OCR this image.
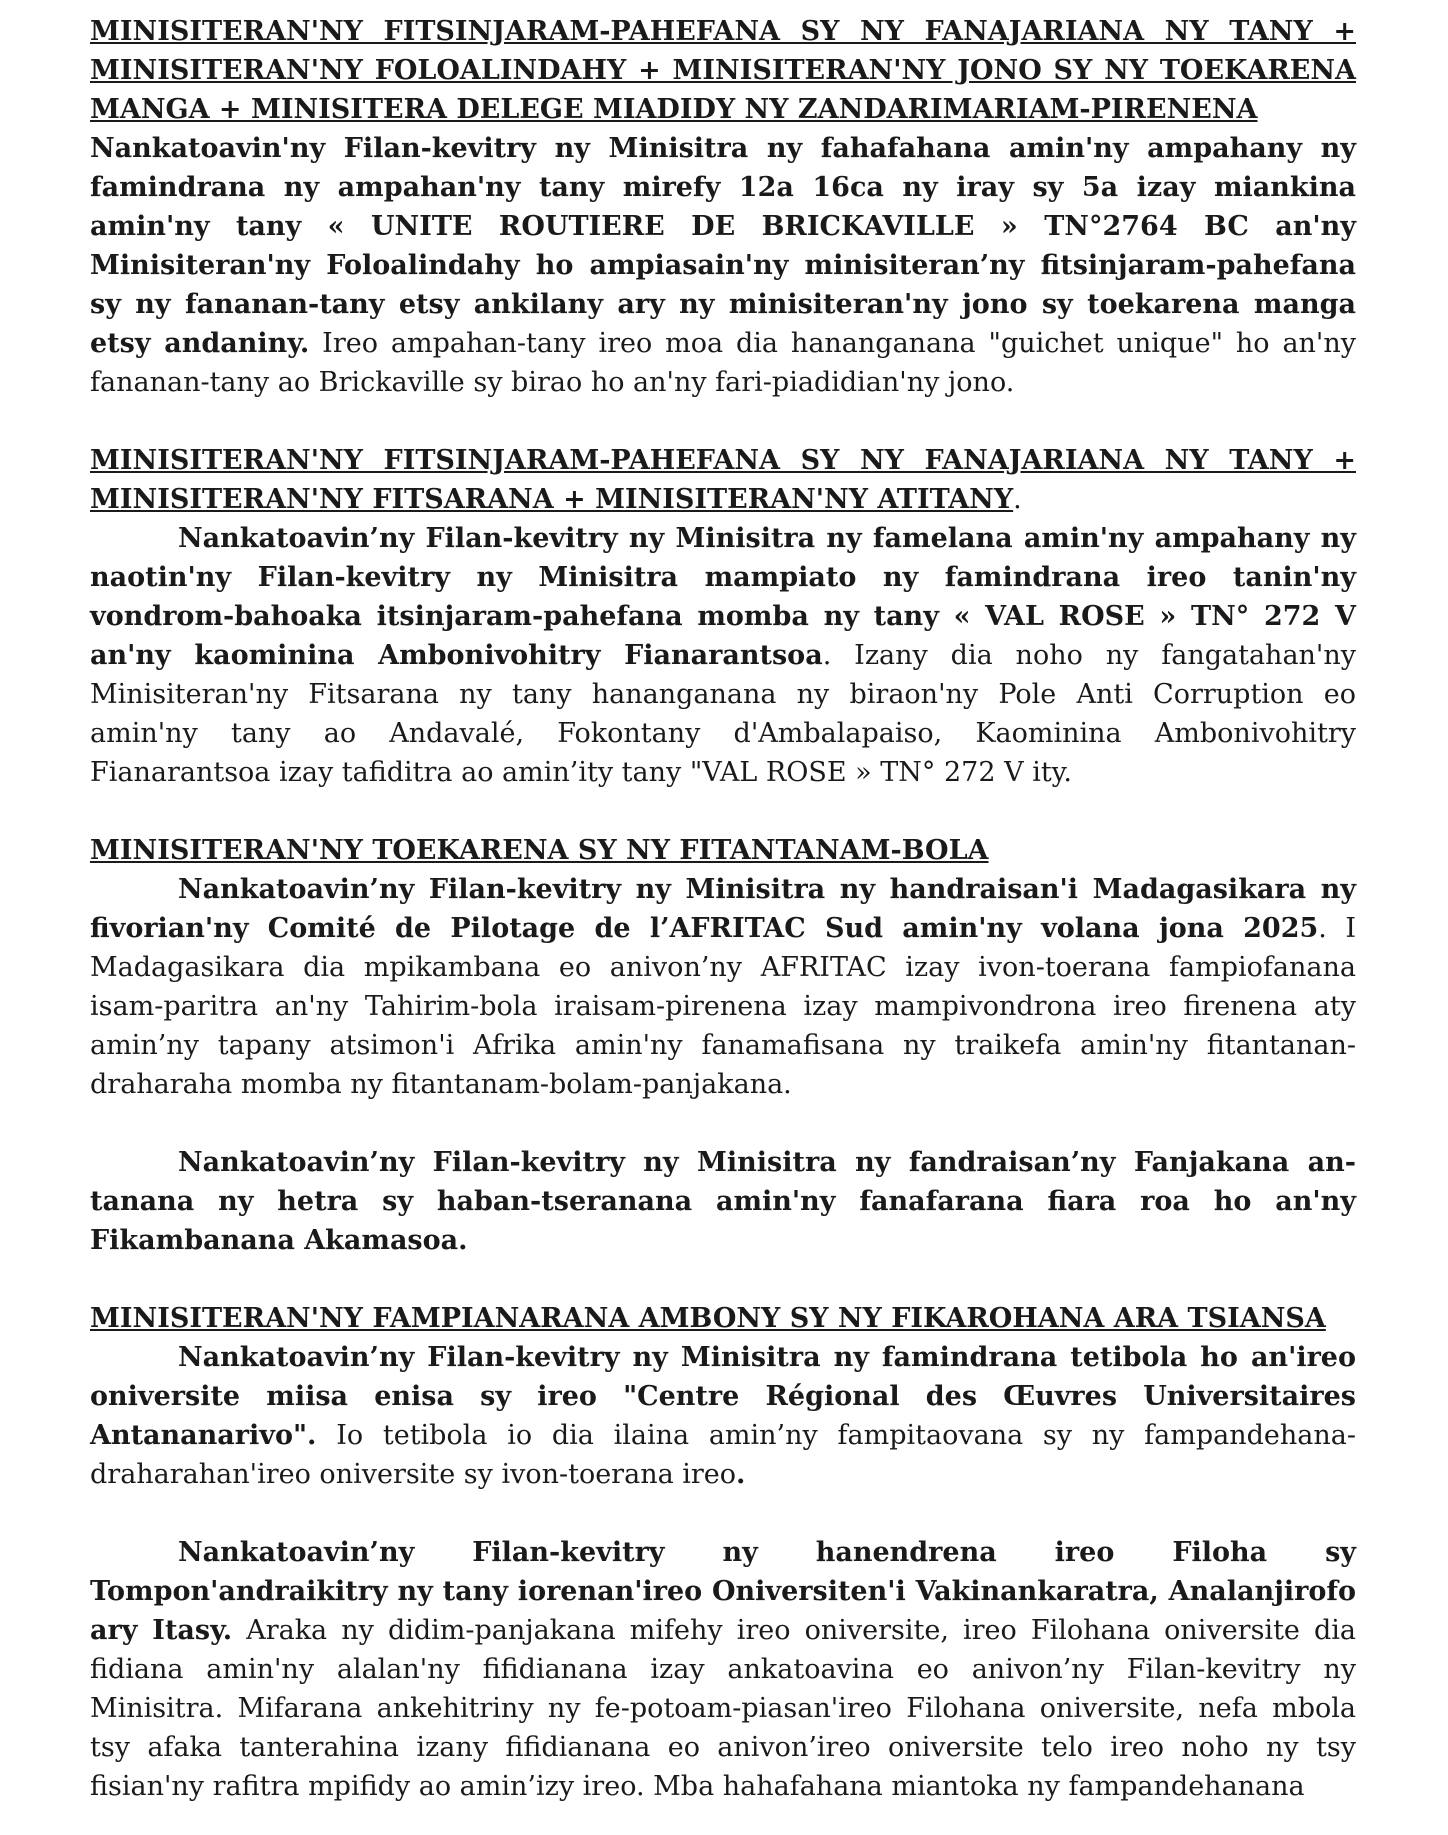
MINISITERAN'NY FITSINJARAM-PAHEFANA SY NY FANAJARIANA NY TANY + MINISITERAN'NY FOLOALINDAHY + MINISITERAN'NY JONO SY NY TOEKARENA MANGA + MINISITERA DELEGE MIADIDY NY ZANDARIMARIAM-PIRENENA

Nankatoavin'ny Filan-kevitry ny Minisitra ny fahafahana amin'ny ampahany ny famindrana ny ampahan'ny tany mirefy 12a 16ca ny iray sy 5a izay miankina amin'ny tany « UNITE ROUTIERE DE BRICKAVILLE » TN°2764 BC an'ny Minisiteran'ny Foloalindahy ho ampiasain'ny minisiteran’ny fitsinjaram-pahefana sy ny fananan-tany etsy ankilany ary ny minisiteran'ny jono sy toekarena manga etsy andaniny. Ireo ampahan-tany ireo moa dia hananganana "guichet unique" ho an'ny fananan-tany ao Brickaville sy birao ho an'ny fari-piadidian'ny jono.

MINISITERAN'NY FITSINJARAM-PAHEFANA SY NY FANAJARIANA NY TANY + MINISITERAN'NY FITSARANA + MINISITERAN'NY ATITANY.

Nankatoavin’ny Filan-kevitry ny Minisitra ny famelana amin'ny ampahany ny naotin'ny Filan-kevitry ny Minisitra mampiato ny famindrana ireo tanin'ny vondrom-bahoaka itsinjaram-pahefana momba ny tany « VAL ROSE » TN° 272 V an'ny kaominina Ambonivohitry Fianarantsoa. Izany dia noho ny fangatahan'ny Minisiteran'ny Fitsarana ny tany hananganana ny biraon'ny Pole Anti Corruption eo amin'ny tany ao Andavalé, Fokontany d'Ambalapaiso, Kaominina Ambonivohitry Fianarantsoa izay tafiditra ao amin’ity tany "VAL ROSE » TN° 272 V ity.

MINISITERAN'NY TOEKARENA SY NY FITANTANAM-BOLA

Nankatoavin’ny Filan-kevitry ny Minisitra ny handraisan'i Madagasikara ny fivorian'ny Comité de Pilotage de l’AFRITAC Sud amin'ny volana jona 2025. I Madagasikara dia mpikambana eo anivon’ny AFRITAC izay ivon-toerana fampiofanana isam-paritra an'ny Tahirim-bola iraisam-pirenena izay mampivondrona ireo firenena aty amin’ny tapany atsimon'i Afrika amin'ny fanamafisana ny traikefa amin'ny fitantanan-draharaha momba ny fitantanam-bolam-panjakana.

Nankatoavin’ny Filan-kevitry ny Minisitra ny fandraisan’ny Fanjakana an-tanana ny hetra sy haban-tseranana amin'ny fanafarana fiara roa ho an'ny Fikambanana Akamasoa.

MINISITERAN'NY FAMPIANARANA AMBONY SY NY FIKAROHANA ARA TSIANSA

Nankatoavin’ny Filan-kevitry ny Minisitra ny famindrana tetibola ho an'ireo oniversite miisa enisa sy ireo "Centre Régional des Œuvres Universitaires Antananarivo". Io tetibola io dia ilaina amin’ny fampitaovana sy ny fampandehana-draharahan'ireo oniversite sy ivon-toerana ireo.

Nankatoavin’ny Filan-kevitry ny hanendrena ireo Filoha sy Tompon'andraikitry ny tany iorenan'ireo Oniversiten'i Vakinankaratra, Analanjirofo ary Itasy. Araka ny didim-panjakana mifehy ireo oniversite, ireo Filohana oniversite dia fidiana amin'ny alalan'ny fifidianana izay ankatoavina eo anivon’ny Filan-kevitry ny Minisitra. Mifarana ankehitriny ny fe-potoam-piasan'ireo Filohana oniversite, nefa mbola tsy afaka tanterahina izany fifidianana eo anivon’ireo oniversite telo ireo noho ny tsy fisian'ny rafitra mpifidy ao amin’izy ireo. Mba hahafahana miantoka ny fampandehanana
